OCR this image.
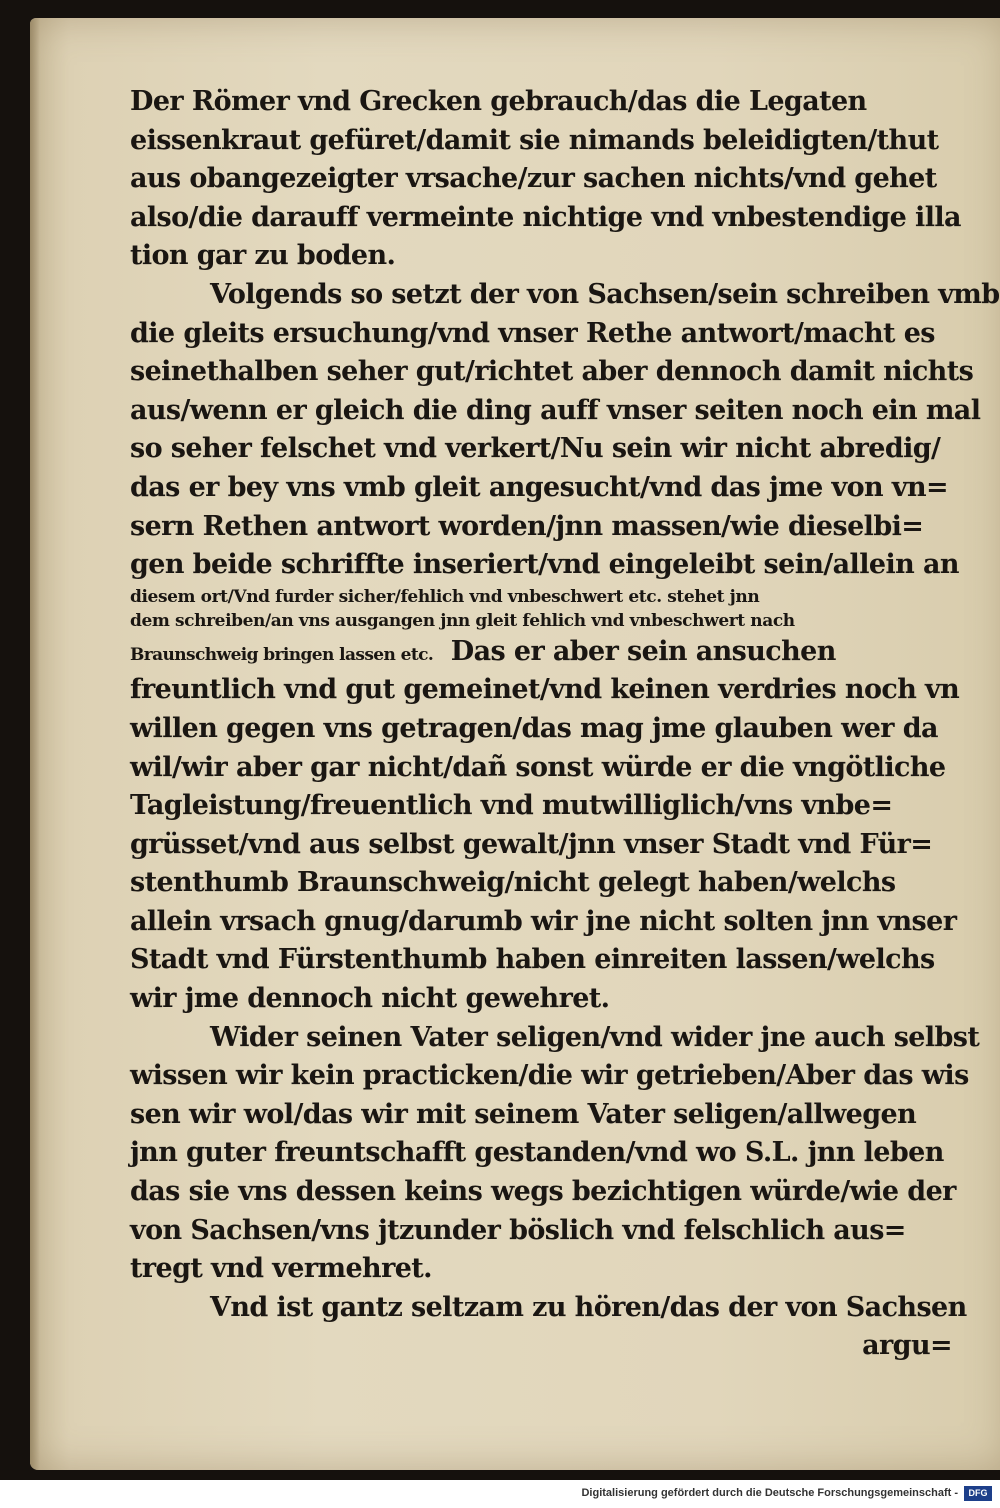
Der Römer vnd Grecken gebrauch/das die Legaten
eissenkraut gefüret/damit sie nimands beleidigten/thut
aus obangezeigter vrsache/zur sachen nichts/vnd gehet
also/die darauff vermeinte nichtige vnd vnbestendige illa
tion gar zu boden.
Volgends so setzt der von Sachsen/sein schreiben vmb
die gleits ersuchung/vnd vnser Rethe antwort/macht es
seinethalben seher gut/richtet aber dennoch damit nichts
aus/wenn er gleich die ding auff vnser seiten noch ein mal
so seher felschet vnd verkert/Nu sein wir nicht abredig/
das er bey vns vmb gleit angesucht/vnd das jme von vn=
sern Rethen antwort worden/jnn massen/wie dieselbi=
gen beide schriffte inseriert/vnd eingeleibt sein/allein an
diesem ort/Vnd furder sicher/fehlich vnd vnbeschwert etc. stehet jnn
dem schreiben/an vns ausgangen jnn gleit fehlich vnd vnbeschwert nach
Braunschweig bringen lassen etc. Das er aber sein ansuchen
freuntlich vnd gut gemeinet/vnd keinen verdries noch vn
willen gegen vns getragen/das mag jme glauben wer da
wil/wir aber gar nicht/dañ sonst würde er die vngötliche
Tagleistung/freuentlich vnd mutwilliglich/vns vnbe=
grüsset/vnd aus selbst gewalt/jnn vnser Stadt vnd Für=
stenthumb Braunschweig/nicht gelegt haben/welchs
allein vrsach gnug/darumb wir jne nicht solten jnn vnser
Stadt vnd Fürstenthumb haben einreiten lassen/welchs
wir jme dennoch nicht gewehret.
Wider seinen Vater seligen/vnd wider jne auch selbst
wissen wir kein practicken/die wir getrieben/Aber das wis
sen wir wol/das wir mit seinem Vater seligen/allwegen
jnn guter freuntschafft gestanden/vnd wo S.L. jnn leben
das sie vns dessen keins wegs bezichtigen würde/wie der
von Sachsen/vns jtzunder böslich vnd felschlich aus=
tregt vnd vermehret.
Vnd ist gantz seltzam zu hören/das der von Sachsen
argu=
Digitalisierung gefördert durch die Deutsche Forschungsgemeinschaft -	DFG
